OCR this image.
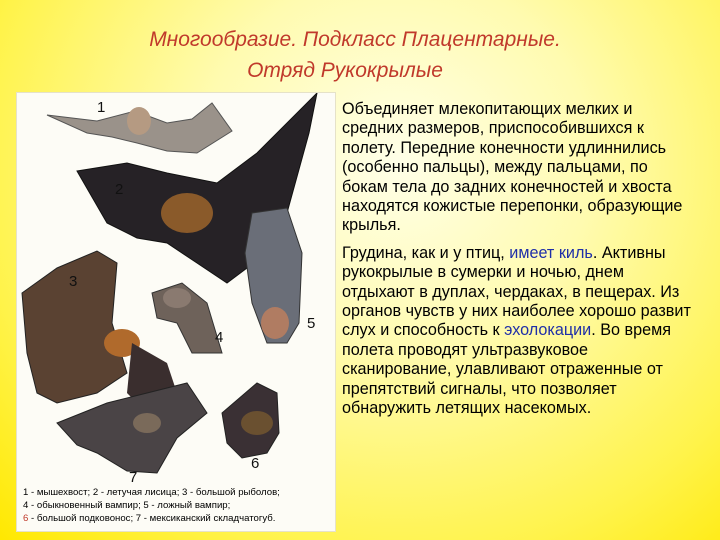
Многообразие. Подкласс Плацентарные.
Отряд Рукокрылые
1
2
3
4
5
6
7
1 - мышехвост; 2 - летучая лисица; 3 - большой рыболов;
4 - обыкновенный вампир; 5 - ложный вампир;
6 - большой подковонос; 7 - мексиканский складчатогуб.

Объединяет млекопитающих мелких и средних размеров, приспособившихся к полету. Передние конечности удлиннились (особенно пальцы), между пальцами, по бокам тела до задних конечностей и хвоста находятся кожистые перепонки, образующие крылья.

Грудина, как и у птиц, имеет киль. Активны рукокрылые в сумерки и ночью, днем отдыхают в дуплах, чердаках, в пещерах. Из органов чувств у них наиболее хорошо развит слух и способность к эхолокации. Во время полета проводят ультразвуковое сканирование, улавливают отраженные от препятствий сигналы, что позволяет обнаружить летящих насекомых.
